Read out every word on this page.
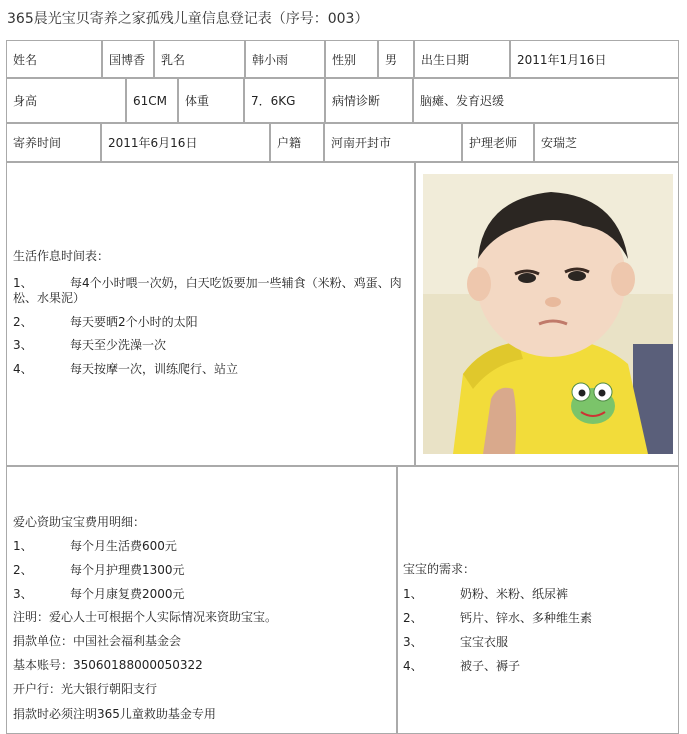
365晨光宝贝寄养之家孤残儿童信息登记表（序号：003）
姓名	国博香	乳名	韩小雨	性别	男	出生日期	2011年1月16日
身高	61CM	体重	7．6KG	病情诊断	脑瘫、发育迟缓
寄养时间	2011年6月16日	户籍	河南开封市	护理老师	安瑞芝
生活作息时间表：
1、	每4个小时喂一次奶，白天吃饭要加一些辅食（米粉、鸡蛋、肉
松、水果泥）
2、	每天要晒2个小时的太阳
3、	每天至少洗澡一次
4、	每天按摩一次，训练爬行、站立
爱心资助宝宝费用明细：
1、	每个月生活费600元
2、	每个月护理费1300元
3、	每个月康复费2000元
注明：爱心人士可根据个人实际情况来资助宝宝。
捐款单位：中国社会福利基金会
基本账号：35060188000050322
开户行：光大银行朝阳支行
捐款时必须注明365儿童救助基金专用
宝宝的需求：
1、	奶粉、米粉、纸尿裤
2、	钙片、锌水、多种维生素
3、	宝宝衣服
4、	被子、褥子
